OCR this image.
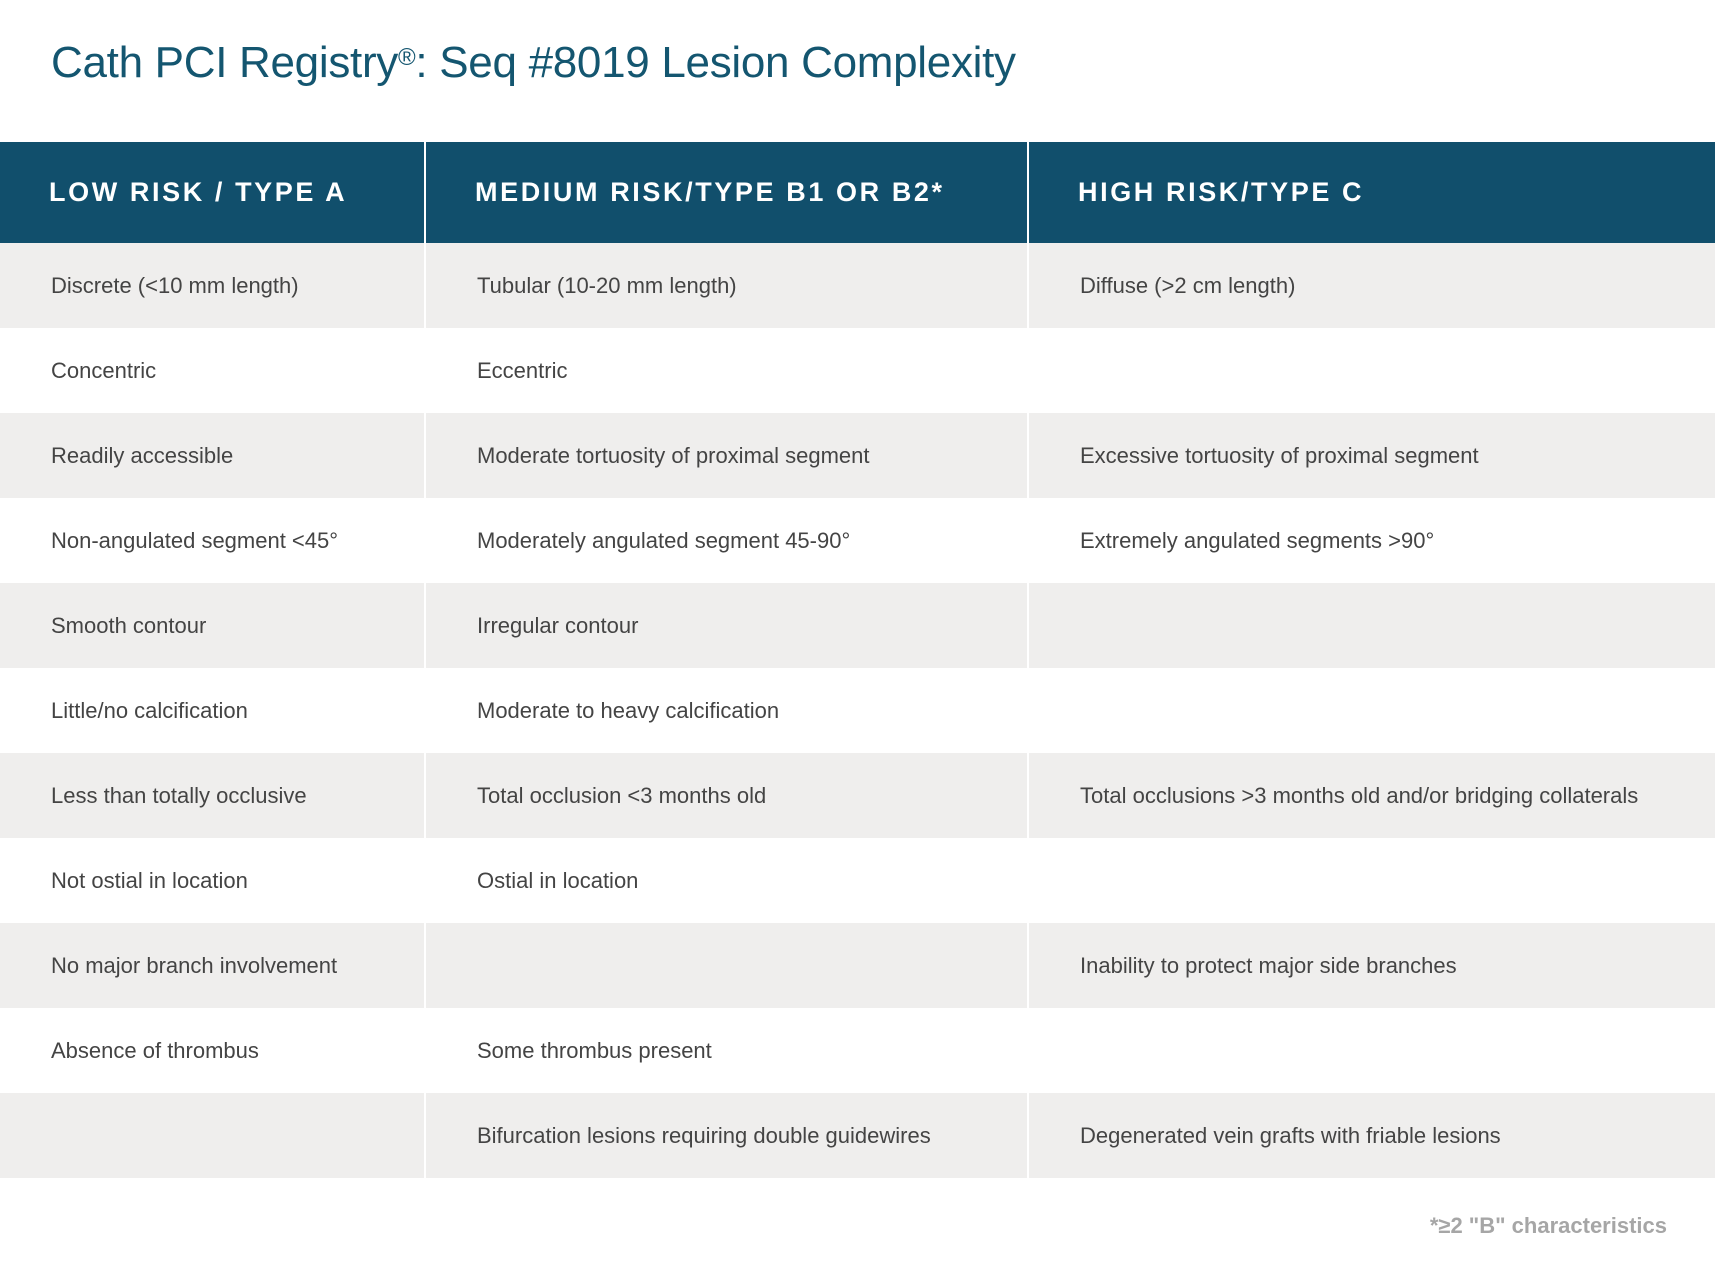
Cath PCI Registry®: Seq #8019 Lesion Complexity
LOW RISK / TYPE A	MEDIUM RISK/TYPE B1 OR B2*	HIGH RISK/TYPE C
Discrete (<10 mm length)	Tubular (10-20 mm length)	Diffuse (>2 cm length)
Concentric	Eccentric	
Readily accessible	Moderate tortuosity of proximal segment	Excessive tortuosity of proximal segment
Non-angulated segment <45°	Moderately angulated segment 45-90°	Extremely angulated segments >90°
Smooth contour	Irregular contour	
Little/no calcification	Moderate to heavy calcification	
Less than totally occlusive	Total occlusion <3 months old	Total occlusions >3 months old and/or bridging collaterals
Not ostial in location	Ostial in location	
No major branch involvement		Inability to protect major side branches
Absence of thrombus	Some thrombus present	
	Bifurcation lesions requiring double guidewires	Degenerated vein grafts with friable lesions
*≥2 "B" characteristics
